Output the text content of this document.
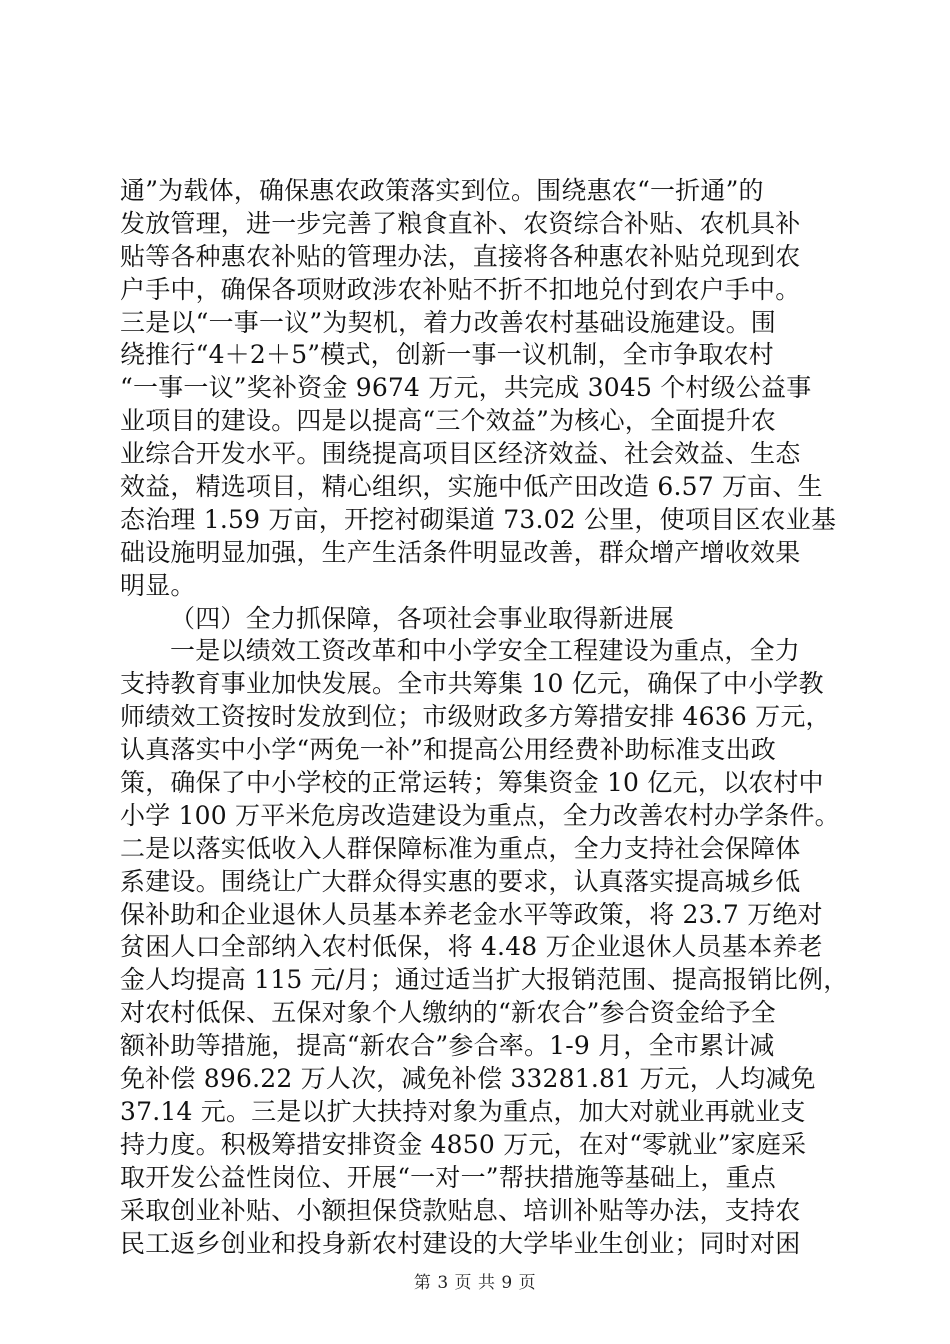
通”为载体，确保惠农政策落实到位。围绕惠农“一折通”的
发放管理，进一步完善了粮食直补、农资综合补贴、农机具补
贴等各种惠农补贴的管理办法，直接将各种惠农补贴兑现到农
户手中，确保各项财政涉农补贴不折不扣地兑付到农户手中。
三是以“一事一议”为契机，着力改善农村基础设施建设。围
绕推行“4＋2＋5”模式，创新一事一议机制，全市争取农村
“一事一议”奖补资金 9674 万元，共完成 3045 个村级公益事
业项目的建设。四是以提高“三个效益”为核心，全面提升农
业综合开发水平。围绕提高项目区经济效益、社会效益、生态
效益，精选项目，精心组织，实施中低产田改造 6.57 万亩、生
态治理 1.59 万亩，开挖衬砌渠道 73.02 公里，使项目区农业基
础设施明显加强，生产生活条件明显改善，群众增产增收效果
明显。
（四）全力抓保障，各项社会事业取得新进展
一是以绩效工资改革和中小学安全工程建设为重点，全力
支持教育事业加快发展。全市共筹集 10 亿元，确保了中小学教
师绩效工资按时发放到位；市级财政多方筹措安排 4636 万元，
认真落实中小学“两免一补”和提高公用经费补助标准支出政
策，确保了中小学校的正常运转；筹集资金 10 亿元，以农村中
小学 100 万平米危房改造建设为重点，全力改善农村办学条件。
二是以落实低收入人群保障标准为重点，全力支持社会保障体
系建设。围绕让广大群众得实惠的要求，认真落实提高城乡低
保补助和企业退休人员基本养老金水平等政策，将 23.7 万绝对
贫困人口全部纳入农村低保，将 4.48 万企业退休人员基本养老
金人均提高 115 元/月；通过适当扩大报销范围、提高报销比例，
对农村低保、五保对象个人缴纳的“新农合”参合资金给予全
额补助等措施，提高“新农合”参合率。1-9 月，全市累计减
免补偿 896.22 万人次，减免补偿 33281.81 万元，人均减免
37.14 元。三是以扩大扶持对象为重点，加大对就业再就业支
持力度。积极筹措安排资金 4850 万元，在对“零就业”家庭采
取开发公益性岗位、开展“一对一”帮扶措施等基础上，重点
采取创业补贴、小额担保贷款贴息、培训补贴等办法，支持农
民工返乡创业和投身新农村建设的大学毕业生创业；同时对困
第 3 页 共 9 页
